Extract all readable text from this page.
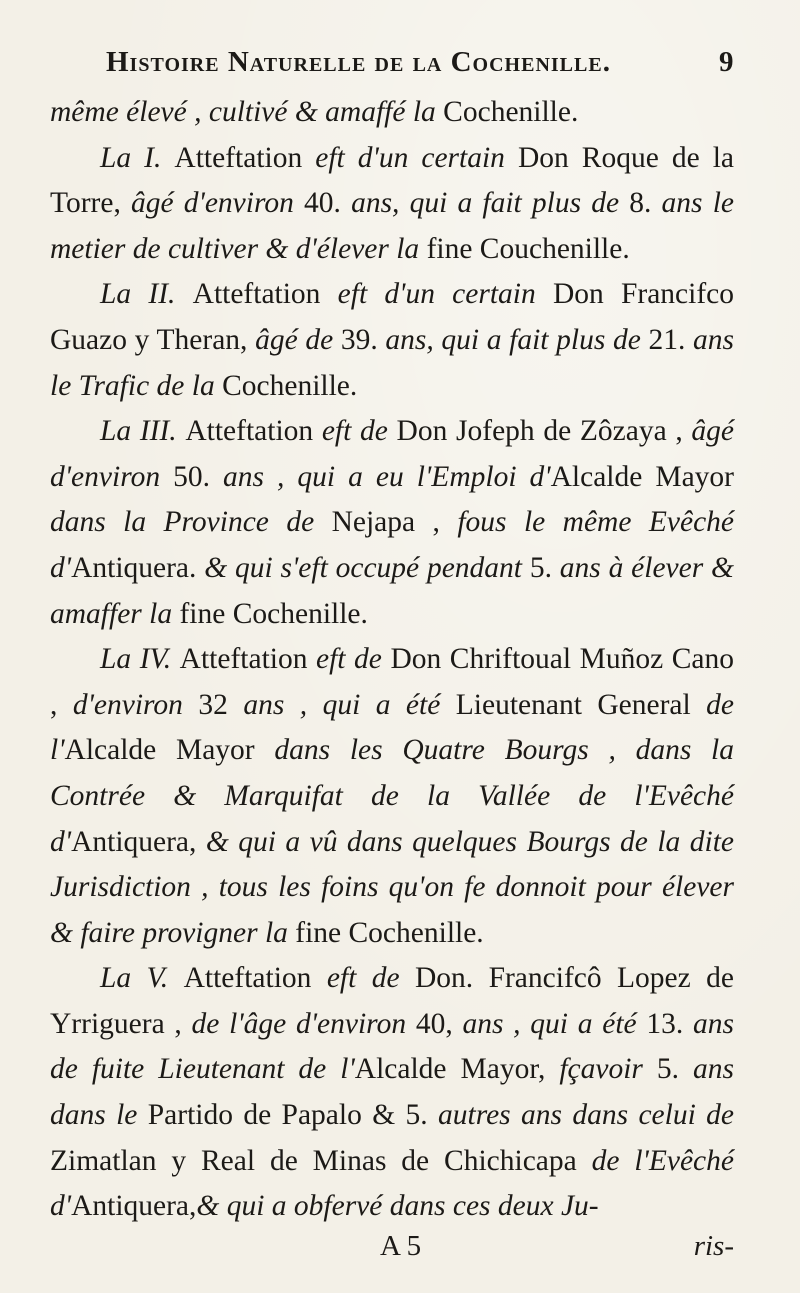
Histoire Naturelle de la Cochenille.	9

même élevé , cultivé & amaffé la Cochenille.

La I. Atteftation eft d'un certain Don Roque de la Torre, âgé d'environ 40. ans, qui a fait plus de 8. ans le metier de cultiver & d'élever la fine Couchenille.

La II. Atteftation eft d'un certain Don Francifco Guazo y Theran, âgé de 39. ans, qui a fait plus de 21. ans le Trafic de la Cochenille.

La III. Atteftation eft de Don Jofeph de Zôzaya , âgé d'environ 50. ans , qui a eu l'Emploi d'Alcalde Mayor dans la Province de Nejapa , fous le même Evêché d'Antiquera. & qui s'eft occupé pendant 5. ans à élever & amaffer la fine Cochenille.

La IV. Atteftation eft de Don Chriftoual Muñoz Cano , d'environ 32 ans , qui a été Lieutenant General de l'Alcalde Mayor dans les Quatre Bourgs , dans la Contrée & Marquifat de la Vallée de l'Evêché d'Antiquera, & qui a vû dans quelques Bourgs de la dite Jurisdiction , tous les foins qu'on fe donnoit pour élever & faire provigner la fine Cochenille.

La V. Atteftation eft de Don. Francifcô Lopez de Yrriguera , de l'âge d'environ 40, ans , qui a été 13. ans de fuite Lieutenant de l'Alcalde Mayor, fçavoir 5. ans dans le Partido de Papalo & 5. autres ans dans celui de Zimatlan y Real de Minas de Chichicapa de l'Evêché d'Antiquera,& qui a obfervé dans ces deux Ju-

A 5	ris-
